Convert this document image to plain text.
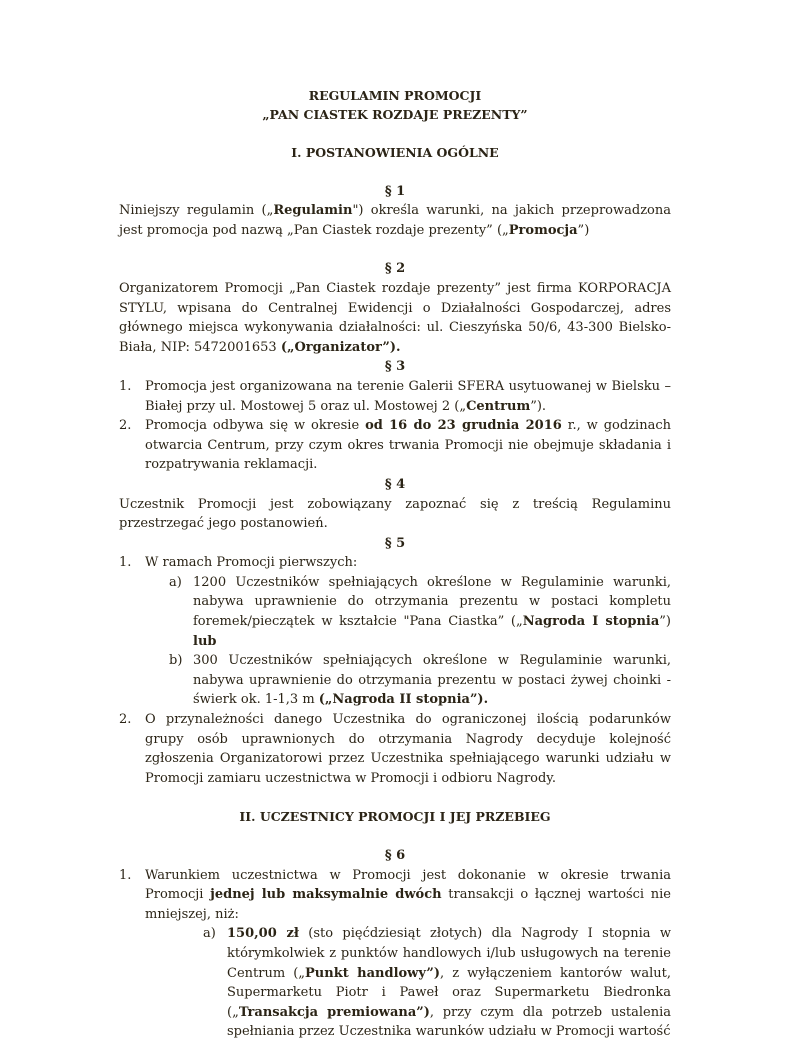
REGULAMIN PROMOCJI

„PAN CIASTEK ROZDAJE PREZENTY”

I. POSTANOWIENIA OGÓLNE

§ 1

Niniejszy regulamin („Regulamin") określa warunki, na jakich przeprowadzona jest promocja pod nazwą „Pan Ciastek rozdaje prezenty” („Promocja”)

§ 2

Organizatorem Promocji „Pan Ciastek rozdaje prezenty” jest firma KORPORACJA STYLU, wpisana do Centralnej Ewidencji o Działalności Gospodarczej, adres głównego miejsca wykonywania działalności: ul. Cieszyńska 50/6, 43-300 Bielsko-Biała, NIP: 5472001653 („Organizator”).

§ 3

1. Promocja jest organizowana na terenie Galerii SFERA usytuowanej w Bielsku – Białej przy ul. Mostowej 5 oraz ul. Mostowej 2 („Centrum”).
2. Promocja odbywa się w okresie od 16 do 23 grudnia 2016 r., w godzinach otwarcia Centrum, przy czym okres trwania Promocji nie obejmuje składania i rozpatrywania reklamacji.

§ 4

Uczestnik Promocji jest zobowiązany zapoznać się z treścią Regulaminu przestrzegać jego postanowień.

§ 5

1. W ramach Promocji pierwszych:
a) 1200 Uczestników spełniających określone w Regulaminie warunki, nabywa uprawnienie do otrzymania prezentu w postaci kompletu foremek/pieczątek w kształcie "Pana Ciastka” („Nagroda I stopnia”) lub
b) 300 Uczestników spełniających określone w Regulaminie warunki, nabywa uprawnienie do otrzymania prezentu w postaci żywej choinki - świerk ok. 1-1,3 m („Nagroda II stopnia”).
2. O przynależności danego Uczestnika do ograniczonej ilością podarunków grupy osób uprawnionych do otrzymania Nagrody decyduje kolejność zgłoszenia Organizatorowi przez Uczestnika spełniającego warunki udziału w Promocji zamiaru uczestnictwa w Promocji i odbioru Nagrody.

II. UCZESTNICY PROMOCJI I JEJ PRZEBIEG

§ 6

1. Warunkiem uczestnictwa w Promocji jest dokonanie w okresie trwania Promocji jednej lub maksymalnie dwóch transakcji o łącznej wartości nie mniejszej, niż:
a) 150,00 zł (sto pięćdziesiąt złotych) dla Nagrody I stopnia w którymkolwiek z punktów handlowych i/lub usługowych na terenie Centrum („Punkt handlowy”), z wyłączeniem kantorów walut, Supermarketu Piotr i Paweł oraz Supermarketu Biedronka („Transakcja premiowana”), przy czym dla potrzeb ustalenia spełniania przez Uczestnika warunków udziału w Promocji wartość
